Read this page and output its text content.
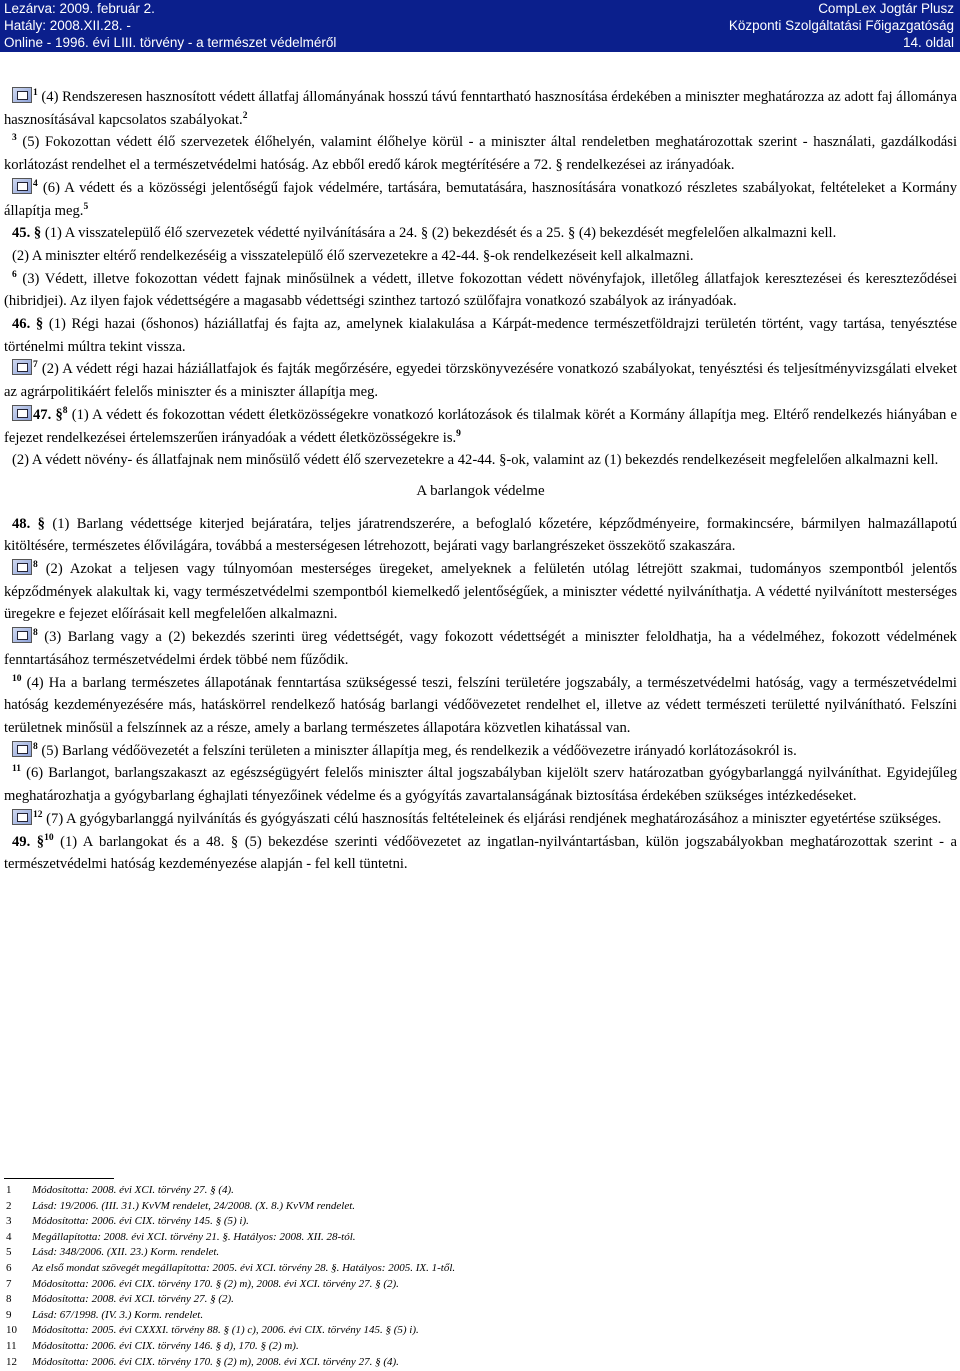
Lezárva: 2009. február 2.
Hatály: 2008.XII.28. -
Online - 1996. évi LIII. törvény - a természet védelméről
CompLex Jogtár Plusz
Központi Szolgáltatási Főigazgatóság
14. oldal

$^1$ (4) Rendszeresen hasznosított védett állatfaj állományának hosszú távú fenntartható hasznosítása érdekében a miniszter meghatározza az adott faj állománya hasznosításával kapcsolatos szabályokat.$^2$

$^3$ (5) Fokozottan védett élő szervezetek élőhelyén, valamint élőhelye körül - a miniszter által rendeletben meghatározottak szerint - használati, gazdálkodási korlátozást rendelhet el a természetvédelmi hatóság. Az ebből eredő károk megtérítésére a 72. § rendelkezései az irányadóak.

$^4$ (6) A védett és a közösségi jelentőségű fajok védelmére, tartására, bemutatására, hasznosítására vonatkozó részletes szabályokat, feltételeket a Kormány állapítja meg.$^5$

45. § (1) A visszatelepülő élő szervezetek védetté nyilvánítására a 24. § (2) bekezdését és a 25. § (4) bekezdését megfelelően alkalmazni kell.

(2) A miniszter eltérő rendelkezéséig a visszatelepülő élő szervezetekre a 42-44. §-ok rendelkezéseit kell alkalmazni.

$^6$ (3) Védett, illetve fokozottan védett fajnak minősülnek a védett, illetve fokozottan védett növényfajok, illetőleg állatfajok keresztezései és kereszteződései (hibridjei). Az ilyen fajok védettségére a magasabb védettségi szinthez tartozó szülőfajra vonatkozó szabályok az irányadóak.

46. § (1) Régi hazai (őshonos) háziállatfaj és fajta az, amelynek kialakulása a Kárpát-medence természetföldrajzi területén történt, vagy tartása, tenyésztése történelmi múltra tekint vissza.

$^7$ (2) A védett régi hazai háziállatfajok és fajták megőrzésére, egyedei törzskönyvezésére vonatkozó szabályokat, tenyésztési és teljesítményvizsgálati elveket az agrárpolitikáért felelős miniszter és a miniszter állapítja meg.

47. §$^8$ (1) A védett és fokozottan védett életközösségekre vonatkozó korlátozások és tilalmak körét a Kormány állapítja meg. Eltérő rendelkezés hiányában e fejezet rendelkezései értelemszerűen irányadóak a védett életközösségekre is.$^9$

(2) A védett növény- és állatfajnak nem minősülő védett élő szervezetekre a 42-44. §-ok, valamint az (1) bekezdés rendelkezéseit megfelelően alkalmazni kell.

A barlangok védelme

48. § (1) Barlang védettsége kiterjed bejáratára, teljes járatrendszerére, a befoglaló kőzetére, képződményeire, formakincsére, bármilyen halmazállapotú kitöltésére, természetes élővilágára, továbbá a mesterségesen létrehozott, bejárati vagy barlangrészeket összekötő szakaszára.

$^8$ (2) Azokat a teljesen vagy túlnyomóan mesterséges üregeket, amelyeknek a felületén utólag létrejött szakmai, tudományos szempontból jelentős képződmények alakultak ki, vagy természetvédelmi szempontból kiemelkedő jelentőségűek, a miniszter védetté nyilváníthatja. A védetté nyilvánított mesterséges üregekre e fejezet előírásait kell megfelelően alkalmazni.

$^8$ (3) Barlang vagy a (2) bekezdés szerinti üreg védettségét, vagy fokozott védettségét a miniszter feloldhatja, ha a védelméhez, fokozott védelmének fenntartásához természetvédelmi érdek többé nem fűződik.

$^{10}$ (4) Ha a barlang természetes állapotának fenntartása szükségessé teszi, felszíni területére jogszabály, a természetvédelmi hatóság, vagy a természetvédelmi hatóság kezdeményezésére más, hatáskörrel rendelkező hatóság barlangi védőövezetet rendelhet el, illetve az védett természeti területté nyilvánítható. Felszíni területnek minősül a felszínnek az a része, amely a barlang természetes állapotára közvetlen kihatással van.

$^8$ (5) Barlang védőövezetét a felszíni területen a miniszter állapítja meg, és rendelkezik a védőövezetre irányadó korlátozásokról is.

$^{11}$ (6) Barlangot, barlangszakaszt az egészségügyért felelős miniszter által jogszabályban kijelölt szerv határozatban gyógybarlanggá nyilváníthat. Egyidejűleg meghatározhatja a gyógybarlang éghajlati tényezőinek védelme és a gyógyítás zavartalanságának biztosítása érdekében szükséges intézkedéseket.

$^{12}$ (7) A gyógybarlanggá nyilvánítás és gyógyászati célú hasznosítás feltételeinek és eljárási rendjének meghatározásához a miniszter egyetértése szükséges.

49. §$^{10}$ (1) A barlangokat és a 48. § (5) bekezdése szerinti védőövezetet az ingatlan-nyilvántartásban, külön jogszabályokban meghatározottak szerint - a természetvédelmi hatóság kezdeményezése alapján - fel kell tüntetni.

1 Módosította: 2008. évi XCI. törvény 27. § (4).
2 Lásd: 19/2006. (III. 31.) KvVM rendelet, 24/2008. (X. 8.) KvVM rendelet.
3 Módosította: 2006. évi CIX. törvény 145. § (5) i).
4 Megállapította: 2008. évi XCI. törvény 21. §. Hatályos: 2008. XII. 28-tól.
5 Lásd: 348/2006. (XII. 23.) Korm. rendelet.
6 Az első mondat szövegét megállapította: 2005. évi XCI. törvény 28. §. Hatályos: 2005. IX. 1-től.
7 Módosította: 2006. évi CIX. törvény 170. § (2) m), 2008. évi XCI. törvény 27. § (2).
8 Módosította: 2008. évi XCI. törvény 27. § (2).
9 Lásd: 67/1998. (IV. 3.) Korm. rendelet.
10 Módosította: 2005. évi CXXXI. törvény 88. § (1) c), 2006. évi CIX. törvény 145. § (5) i).
11 Módosította: 2006. évi CIX. törvény 146. § d), 170. § (2) m).
12 Módosította: 2006. évi CIX. törvény 170. § (2) m), 2008. évi XCI. törvény 27. § (4).
